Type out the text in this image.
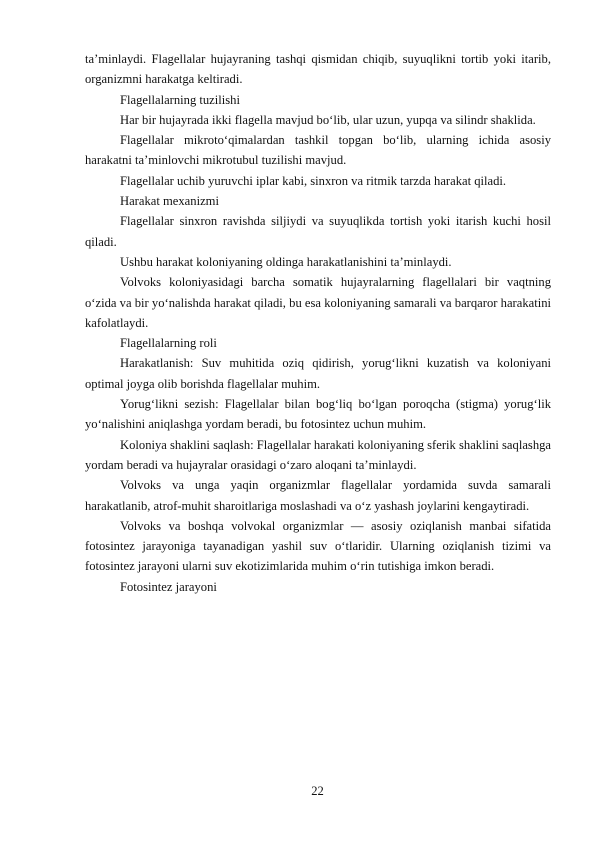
ta’minlaydi. Flagellalar hujayraning tashqi qismidan chiqib, suyuqlikni tortib yoki itarib, organizmni harakatga keltiradi.

Flagellalarning tuzilishi

Har bir hujayrada ikki flagella mavjud bo‘lib, ular uzun, yupqa va silindr shaklida.

Flagellalar mikroto‘qimalardan tashkil topgan bo‘lib, ularning ichida asosiy harakatni ta’minlovchi mikrotubul tuzilishi mavjud.

Flagellalar uchib yuruvchi iplar kabi, sinxron va ritmik tarzda harakat qiladi.

Harakat mexanizmi

Flagellalar sinxron ravishda siljiydi va suyuqlikda tortish yoki itarish kuchi hosil qiladi.

Ushbu harakat koloniyaning oldinga harakatlanishini ta’minlaydi.

Volvoks koloniyasidagi barcha somatik hujayralarning flagellalari bir vaqtning o‘zida va bir yo‘nalishda harakat qiladi, bu esa koloniyaning samarali va barqaror harakatini kafolatlaydi.

Flagellalarning roli

Harakatlanish: Suv muhitida oziq qidirish, yorug‘likni kuzatish va koloniyani optimal joyga olib borishda flagellalar muhim.

Yorug‘likni sezish: Flagellalar bilan bog‘liq bo‘lgan poroqcha (stigma) yorug‘lik yo‘nalishini aniqlashga yordam beradi, bu fotosintez uchun muhim.

Koloniya shaklini saqlash: Flagellalar harakati koloniyaning sferik shaklini saqlashga yordam beradi va hujayralar orasidagi o‘zaro aloqani ta’minlaydi.

Volvoks va unga yaqin organizmlar flagellalar yordamida suvda samarali harakatlanib, atrof-muhit sharoitlariga moslashadi va o‘z yashash joylarini kengaytiradi.

Volvoks va boshqa volvokal organizmlar — asosiy oziqlanish manbai sifatida fotosintez jarayoniga tayanadigan yashil suv o‘tlaridir. Ularning oziqlanish tizimi va fotosintez jarayoni ularni suv ekotizimlarida muhim o‘rin tutishiga imkon beradi.

Fotosintez jarayoni

22
